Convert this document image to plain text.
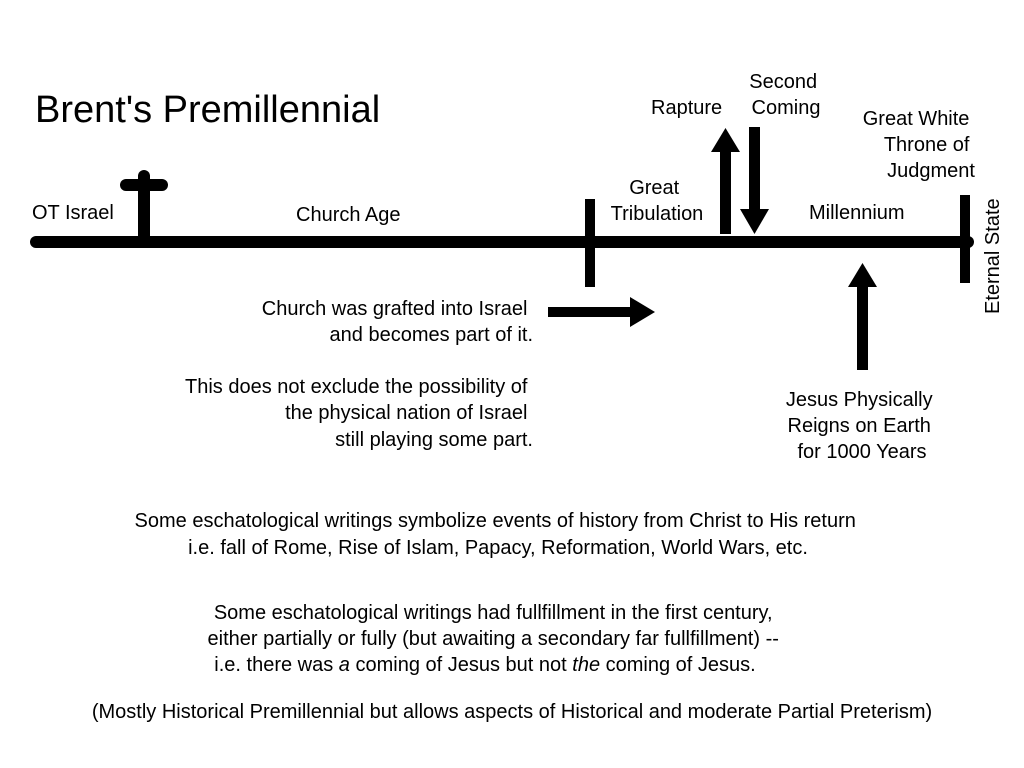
Brent's Premillennial
OT Israel	Church Age
Great Tribulation
Rapture
Second Coming
Millennium
Great White Throne of Judgment
Eternal State
Church was grafted into Israel and becomes part of it.
This does not exclude the possibility of the physical nation of Israel still playing some part.
Jesus Physically Reigns on Earth for 1000 Years
Some eschatological writings symbolize events of history from Christ to His return i.e. fall of Rome, Rise of Islam, Papacy, Reformation, World Wars, etc.
Some eschatological writings had fullfillment in the first century, either partially or fully (but awaiting a secondary far fullfillment) -- i.e. there was a coming of Jesus but not the coming of Jesus.
(Mostly Historical Premillennial but allows aspects of Historical and moderate Partial Preterism)
